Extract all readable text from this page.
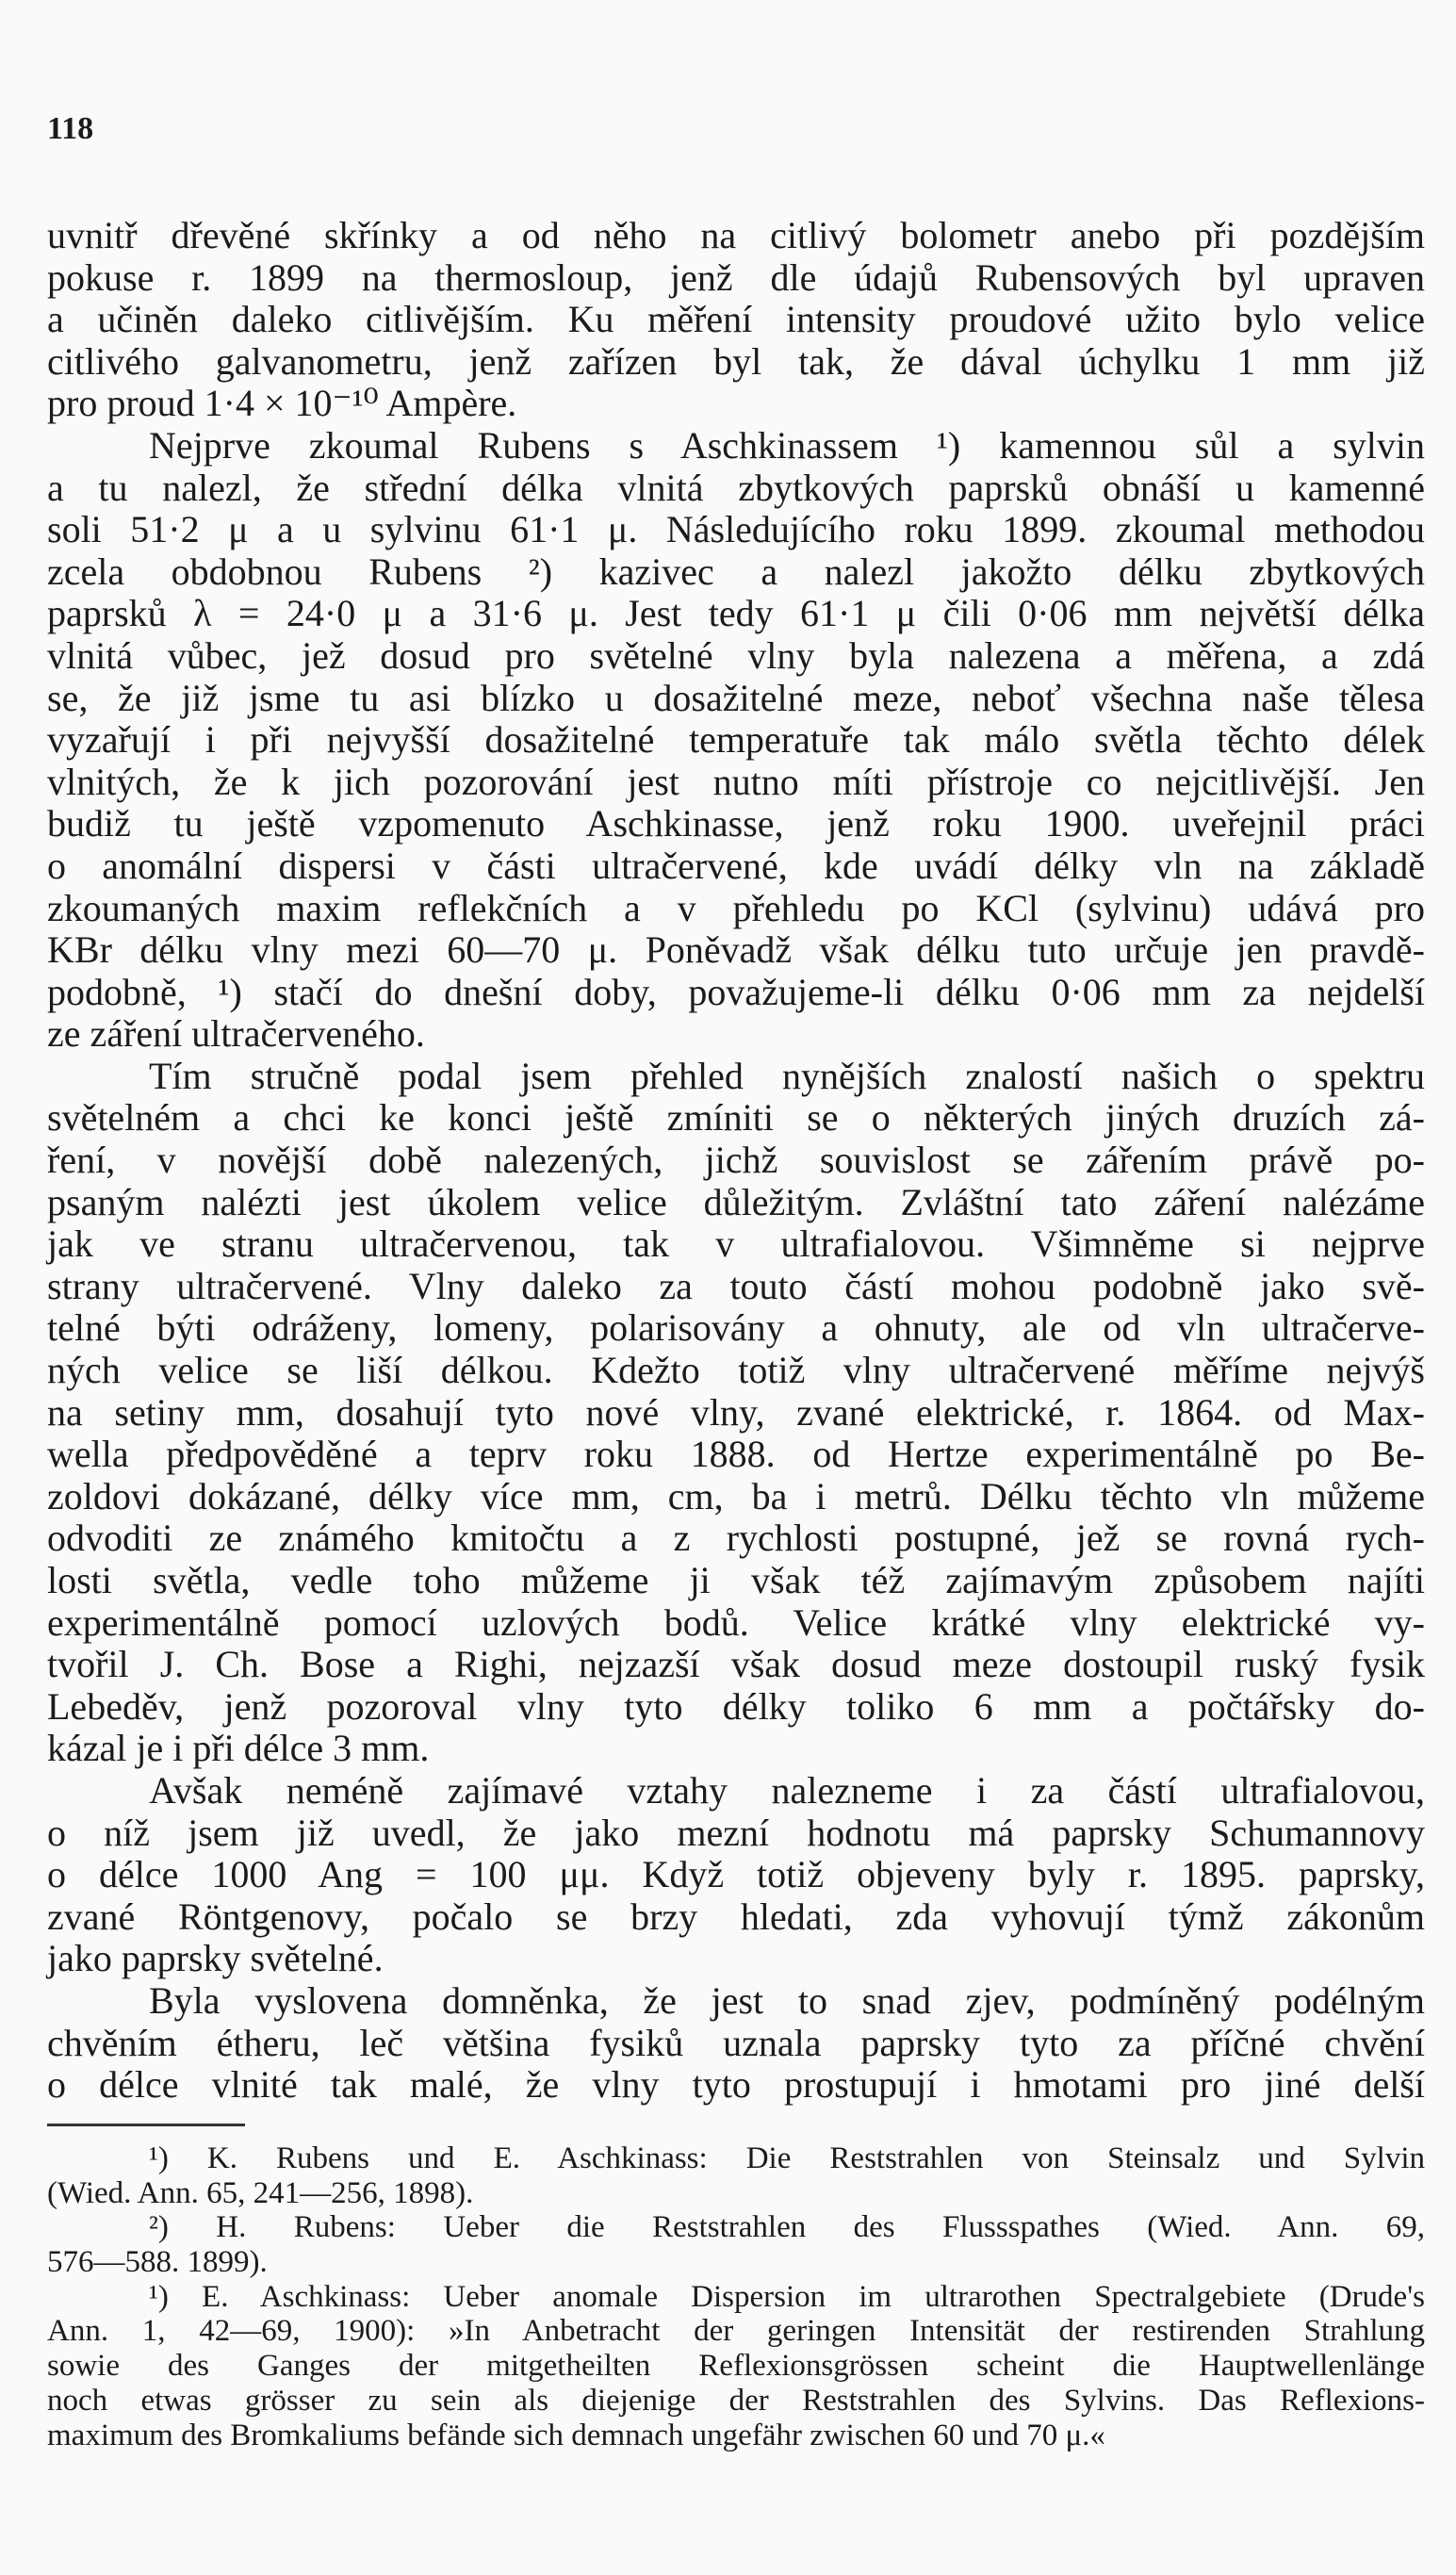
118
uvnitř dřevěné skřínky a od něho na citlivý bolometr anebo při pozdějším
pokuse r. 1899 na thermosloup, jenž dle údajů Rubensových byl upraven
a učiněn daleko citlivějším. Ku měření intensity proudové užito bylo velice
citlivého galvanometru, jenž zařízen byl tak, že dával úchylku 1 mm již
pro proud 1·4 × 10⁻¹⁰ Ampère.
Nejprve zkoumal Rubens s Aschkinassem ¹) kamennou sůl a sylvin
a tu nalezl, že střední délka vlnitá zbytkových paprsků obnáší u kamenné
soli 51·2 μ a u sylvinu 61·1 μ. Následujícího roku 1899. zkoumal methodou
zcela obdobnou Rubens ²) kazivec a nalezl jakožto délku zbytkových
paprsků λ = 24·0 μ a 31·6 μ. Jest tedy 61·1 μ čili 0·06 mm největší délka
vlnitá vůbec, jež dosud pro světelné vlny byla nalezena a měřena, a zdá
se, že již jsme tu asi blízko u dosažitelné meze, neboť všechna naše tělesa
vyzařují i při nejvyšší dosažitelné temperatuře tak málo světla těchto délek
vlnitých, že k jich pozorování jest nutno míti přístroje co nejcitlivější. Jen
budiž tu ještě vzpomenuto Aschkinasse, jenž roku 1900. uveřejnil práci
o anomální dispersi v části ultračervené, kde uvádí délky vln na základě
zkoumaných maxim reflekčních a v přehledu po KCl (sylvinu) udává pro
KBr délku vlny mezi 60—70 μ. Poněvadž však délku tuto určuje jen pravdě-
podobně, ¹) stačí do dnešní doby, považujeme-li délku 0·06 mm za nejdelší
ze záření ultračerveného.
Tím stručně podal jsem přehled nynějších znalostí našich o spektru
světelném a chci ke konci ještě zmíniti se o některých jiných druzích zá-
ření, v novější době nalezených, jichž souvislost se zářením právě po-
psaným nalézti jest úkolem velice důležitým. Zvláštní tato záření nalézáme
jak ve stranu ultračervenou, tak v ultrafialovou. Všimněme si nejprve
strany ultračervené. Vlny daleko za touto částí mohou podobně jako svě-
telné býti odráženy, lomeny, polarisovány a ohnuty, ale od vln ultračerve-
ných velice se liší délkou. Kdežto totiž vlny ultračervené měříme nejvýš
na setiny mm, dosahují tyto nové vlny, zvané elektrické, r. 1864. od Max-
wella předpověděné a teprv roku 1888. od Hertze experimentálně po Be-
zoldovi dokázané, délky více mm, cm, ba i metrů. Délku těchto vln můžeme
odvoditi ze známého kmitočtu a z rychlosti postupné, jež se rovná rych-
losti světla, vedle toho můžeme ji však též zajímavým způsobem najíti
experimentálně pomocí uzlových bodů. Velice krátké vlny elektrické vy-
tvořil J. Ch. Bose a Righi, nejzazší však dosud meze dostoupil ruský fysik
Lebeděv, jenž pozoroval vlny tyto délky toliko 6 mm a počtářsky do-
kázal je i při délce 3 mm.
Avšak neméně zajímavé vztahy nalezneme i za částí ultrafialovou,
o níž jsem již uvedl, že jako mezní hodnotu má paprsky Schumannovy
o délce 1000 Ang = 100 μμ. Když totiž objeveny byly r. 1895. paprsky,
zvané Röntgenovy, počalo se brzy hledati, zda vyhovují týmž zákonům
jako paprsky světelné.
Byla vyslovena domněnka, že jest to snad zjev, podmíněný podélným
chvěním étheru, leč většina fysiků uznala paprsky tyto za příčné chvění
o délce vlnité tak malé, že vlny tyto prostupují i hmotami pro jiné delší
¹) K. Rubens und E. Aschkinass: Die Reststrahlen von Steinsalz und Sylvin
(Wied. Ann. 65, 241—256, 1898).
²) H. Rubens: Ueber die Reststrahlen des Flussspathes (Wied. Ann. 69,
576—588. 1899).
¹) E. Aschkinass: Ueber anomale Dispersion im ultrarothen Spectralgebiete (Drude's
Ann. 1, 42—69, 1900): »In Anbetracht der geringen Intensität der restirenden Strahlung
sowie des Ganges der mitgetheilten Reflexionsgrössen scheint die Hauptwellenlänge
noch etwas grösser zu sein als diejenige der Reststrahlen des Sylvins. Das Reflexions-
maximum des Bromkaliums befände sich demnach ungefähr zwischen 60 und 70 μ.«
